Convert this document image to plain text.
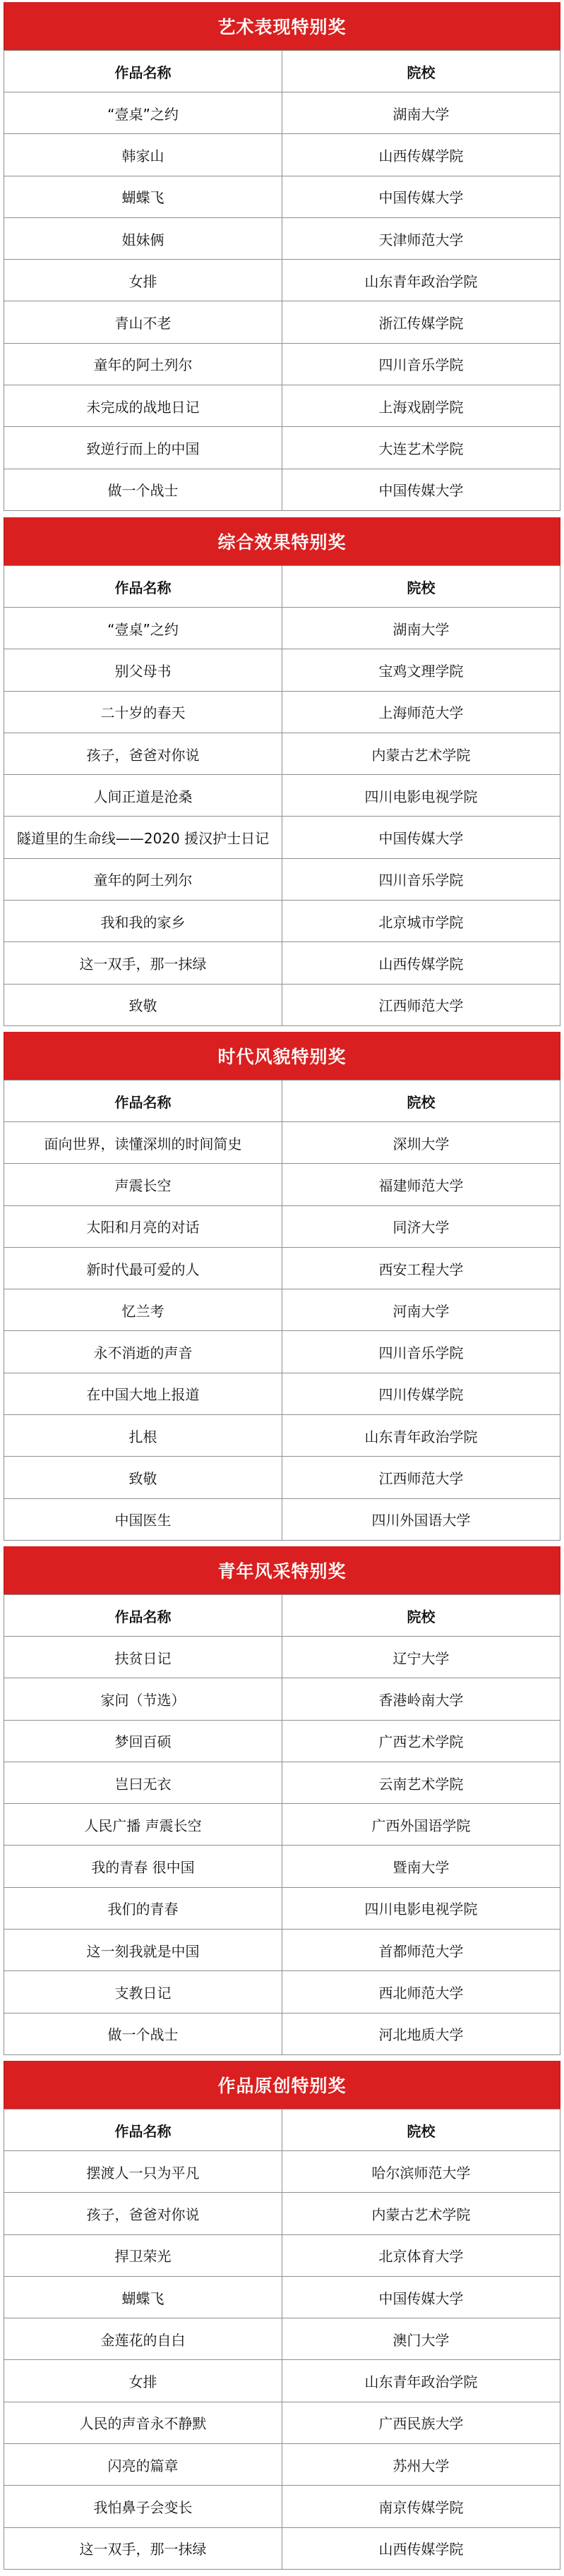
艺术表现特别奖
作品名称	院校
“壹桌”之约	湖南大学
韩家山	山西传媒学院
蝴蝶飞	中国传媒大学
姐妹俩	天津师范大学
女排	山东青年政治学院
青山不老	浙江传媒学院
童年的阿土列尔	四川音乐学院
未完成的战地日记	上海戏剧学院
致逆行而上的中国	大连艺术学院
做一个战士	中国传媒大学
综合效果特别奖
作品名称	院校
“壹桌”之约	湖南大学
别父母书	宝鸡文理学院
二十岁的春天	上海师范大学
孩子，爸爸对你说	内蒙古艺术学院
人间正道是沧桑	四川电影电视学院
隧道里的生命线——2020 援汉护士日记	中国传媒大学
童年的阿土列尔	四川音乐学院
我和我的家乡	北京城市学院
这一双手，那一抹绿	山西传媒学院
致敬	江西师范大学
时代风貌特别奖
作品名称	院校
面向世界，读懂深圳的时间简史	深圳大学
声震长空	福建师范大学
太阳和月亮的对话	同济大学
新时代最可爱的人	西安工程大学
忆兰考	河南大学
永不消逝的声音	四川音乐学院
在中国大地上报道	四川传媒学院
扎根	山东青年政治学院
致敬	江西师范大学
中国医生	四川外国语大学
青年风采特别奖
作品名称	院校
扶贫日记	辽宁大学
家问（节选）	香港岭南大学
梦回百硕	广西艺术学院
岂曰无衣	云南艺术学院
人民广播 声震长空	广西外国语学院
我的青春 很中国	暨南大学
我们的青春	四川电影电视学院
这一刻我就是中国	首都师范大学
支教日记	西北师范大学
做一个战士	河北地质大学
作品原创特别奖
作品名称	院校
摆渡人一只为平凡	哈尔滨师范大学
孩子，爸爸对你说	内蒙古艺术学院
捍卫荣光	北京体育大学
蝴蝶飞	中国传媒大学
金莲花的自白	澳门大学
女排	山东青年政治学院
人民的声音永不静默	广西民族大学
闪亮的篇章	苏州大学
我怕鼻子会变长	南京传媒学院
这一双手，那一抹绿	山西传媒学院
